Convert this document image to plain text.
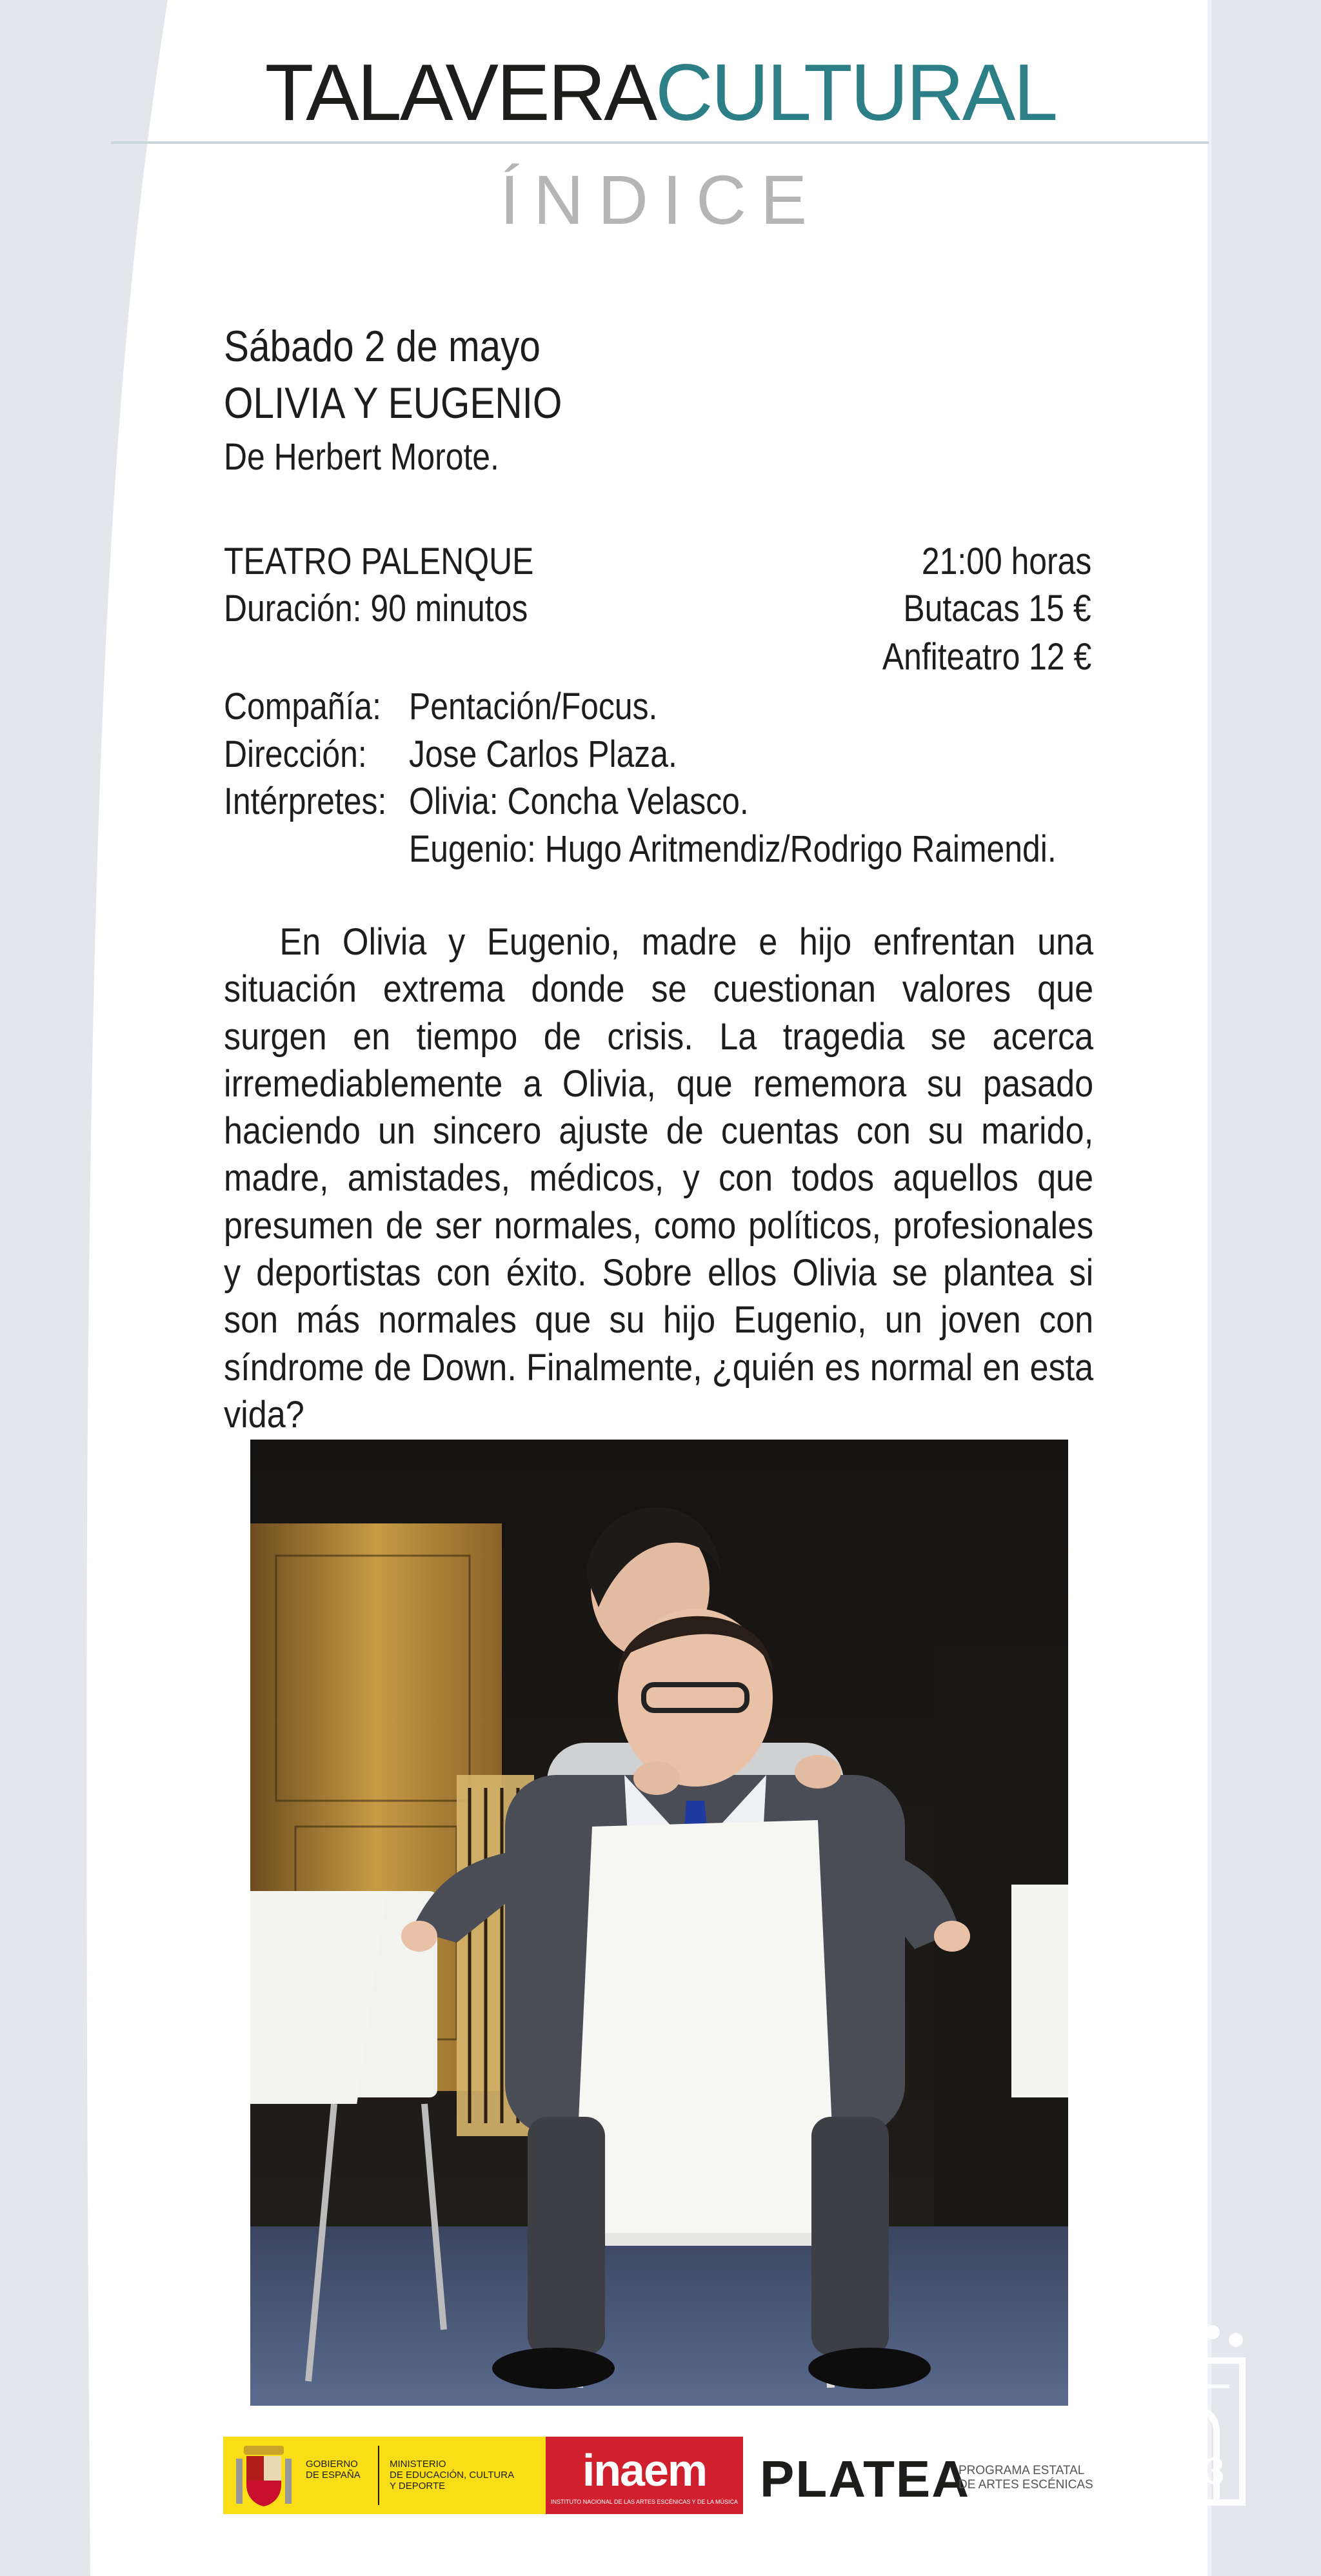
TALAVERACULTURAL
ÍNDICE
Sábado 2 de mayo
OLIVIA Y EUGENIO
De Herbert Morote.
TEATRO PALENQUE
Duración: 90 minutos
21:00 horas
Butacas 15 €
Anfiteatro 12 €
Compañía: Pentación/Focus.
Dirección: Jose Carlos Plaza.
Intérpretes: Olivia: Concha Velasco.
Eugenio: Hugo Aritmendiz/Rodrigo Raimendi.
En Olivia y Eugenio, madre e hijo enfrentan una situación extrema donde se cuestionan valores que surgen en tiempo de crisis. La tragedia se acerca irremediablemente a Olivia, que rememora su pasado haciendo un sincero ajuste de cuentas con su marido, madre, amistades, médicos, y con todos aquellos que presumen de ser normales, como políticos, profesionales y deportistas con éxito. Sobre ellos Olivia se plantea si son más normales que su hijo Eugenio, un joven con síndrome de Down. Finalmente, ¿quién es normal en esta vida?
GOBIERNO
DE ESPAÑA
MINISTERIO
DE EDUCACIÓN, CULTURA
Y DEPORTE	inaem
INSTITUTO NACIONAL DE LAS ARTES ESCÉNICAS Y DE LA MÚSICA PLATEA
PROGRAMA ESTATAL
DE ARTES ESCÉNICAS 03
